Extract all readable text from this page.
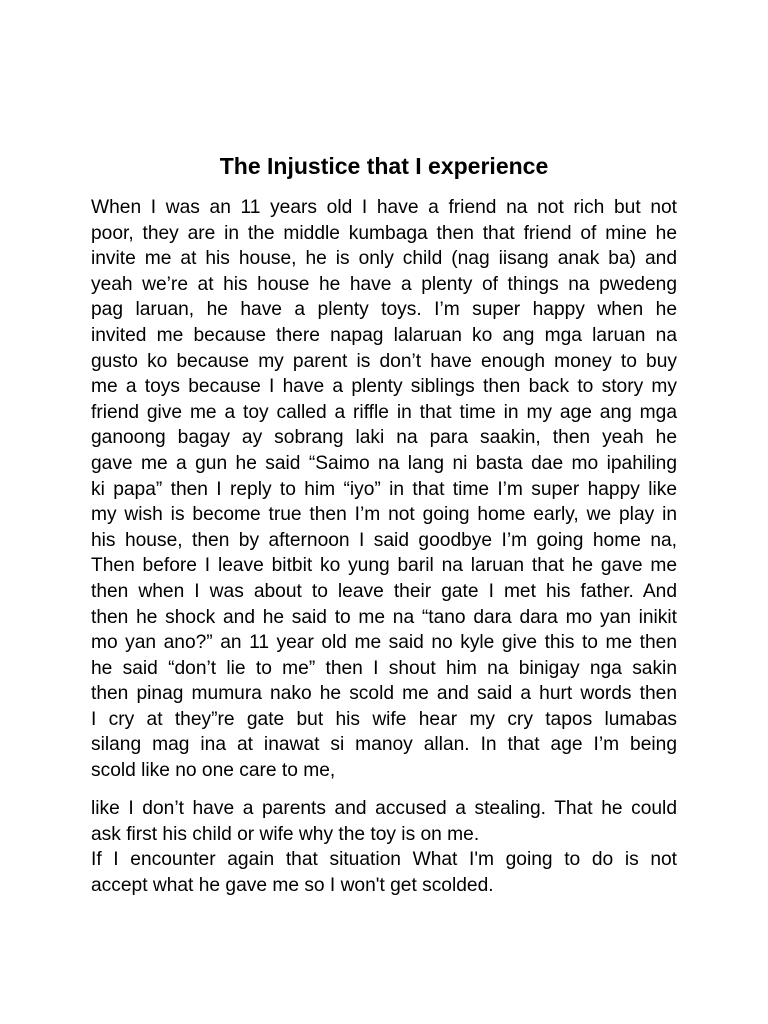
The Injustice that I experience
When I was an 11 years old I have a friend na not rich but not
poor, they are in the middle kumbaga then that friend of mine he
invite me at his house, he is only child (nag iisang anak ba) and
yeah we’re at his house he have a plenty of things na pwedeng
pag laruan, he have a plenty toys. I’m super happy when he
invited me because there napag lalaruan ko ang mga laruan na
gusto ko because my parent is don’t have enough money to buy
me a toys because I have a plenty siblings then back to story my
friend give me a toy called a riffle in that time in my age ang mga
ganoong bagay ay sobrang laki na para saakin, then yeah he
gave me a gun he said “Saimo na lang ni basta dae mo ipahiling
ki papa” then I reply to him “iyo” in that time I’m super happy like
my wish is become true then I’m not going home early, we play in
his house, then by afternoon I said goodbye I’m going home na,
Then before I leave bitbit ko yung baril na laruan that he gave me
then when I was about to leave their gate I met his father. And
then he shock and he said to me na “tano dara dara mo yan inikit
mo yan ano?” an 11 year old me said no kyle give this to me then
he said “don’t lie to me” then I shout him na binigay nga sakin
then pinag mumura nako he scold me and said a hurt words then
I cry at they”re gate but his wife hear my cry tapos lumabas
silang mag ina at inawat si manoy allan. In that age I’m being
scold like no one care to me,
like I don’t have a parents and accused a stealing. That he could
ask first his child or wife why the toy is on me.
If I encounter again that situation What I'm going to do is not
accept what he gave me so I won't get scolded.
